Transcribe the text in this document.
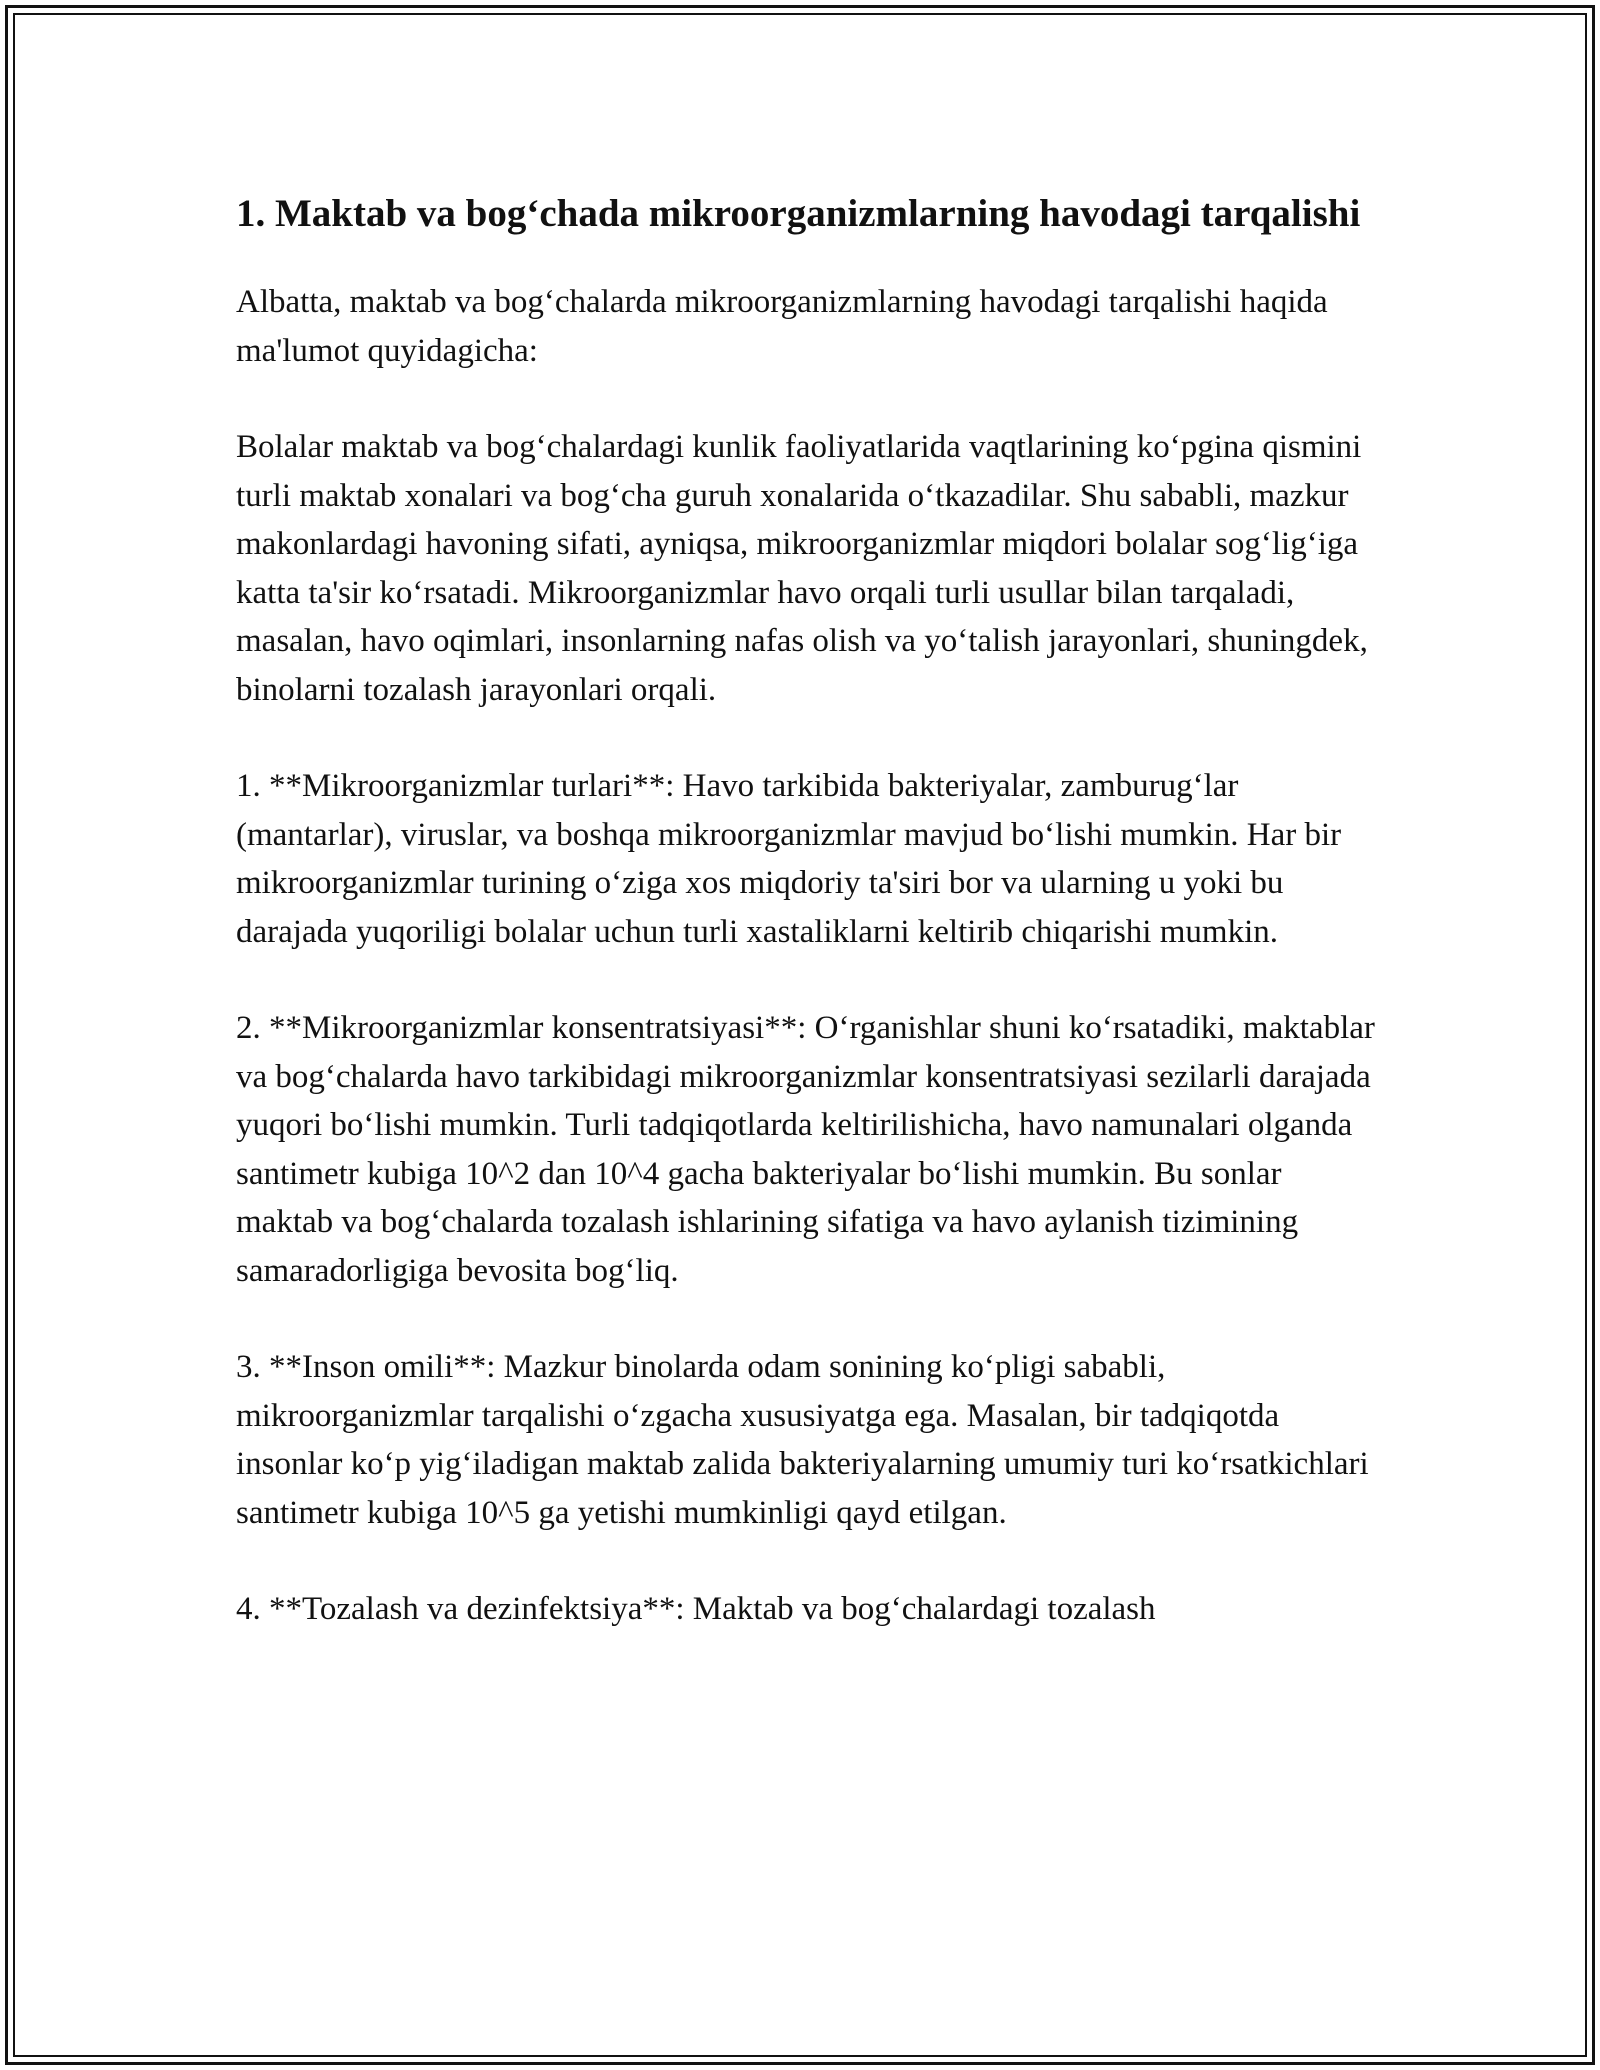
1. Maktab va bog‘chada mikroorganizmlarning havodagi tarqalishi

Albatta, maktab va bog‘chalarda mikroorganizmlarning havodagi tarqalishi haqida ma'lumot quyidagicha:

Bolalar maktab va bog‘chalardagi kunlik faoliyatlarida vaqtlarining ko‘pgina qismini turli maktab xonalari va bog‘cha guruh xonalarida o‘tkazadilar. Shu sababli, mazkur makonlardagi havoning sifati, ayniqsa, mikroorganizmlar miqdori bolalar sog‘lig‘iga katta ta'sir ko‘rsatadi. Mikroorganizmlar havo orqali turli usullar bilan tarqaladi, masalan, havo oqimlari, insonlarning nafas olish va yo‘talish jarayonlari, shuningdek, binolarni tozalash jarayonlari orqali.

1. **Mikroorganizmlar turlari**: Havo tarkibida bakteriyalar, zamburug‘lar (mantarlar), viruslar, va boshqa mikroorganizmlar mavjud bo‘lishi mumkin. Har bir mikroorganizmlar turining o‘ziga xos miqdoriy ta'siri bor va ularning u yoki bu darajada yuqoriligi bolalar uchun turli xastaliklarni keltirib chiqarishi mumkin.

2. **Mikroorganizmlar konsentratsiyasi**: O‘rganishlar shuni ko‘rsatadiki, maktablar va bog‘chalarda havo tarkibidagi mikroorganizmlar konsentratsiyasi sezilarli darajada yuqori bo‘lishi mumkin. Turli tadqiqotlarda keltirilishicha, havo namunalari olganda santimetr kubiga 10^2 dan 10^4 gacha bakteriyalar bo‘lishi mumkin. Bu sonlar maktab va bog‘chalarda tozalash ishlarining sifatiga va havo aylanish tizimining samaradorligiga bevosita bog‘liq.

3. **Inson omili**: Mazkur binolarda odam sonining ko‘pligi sababli, mikroorganizmlar tarqalishi o‘zgacha xususiyatga ega. Masalan, bir tadqiqotda insonlar ko‘p yig‘iladigan maktab zalida bakteriyalarning umumiy turi ko‘rsatkichlari santimetr kubiga 10^5 ga yetishi mumkinligi qayd etilgan.

4. **Tozalash va dezinfektsiya**: Maktab va bog‘chalardagi tozalash
